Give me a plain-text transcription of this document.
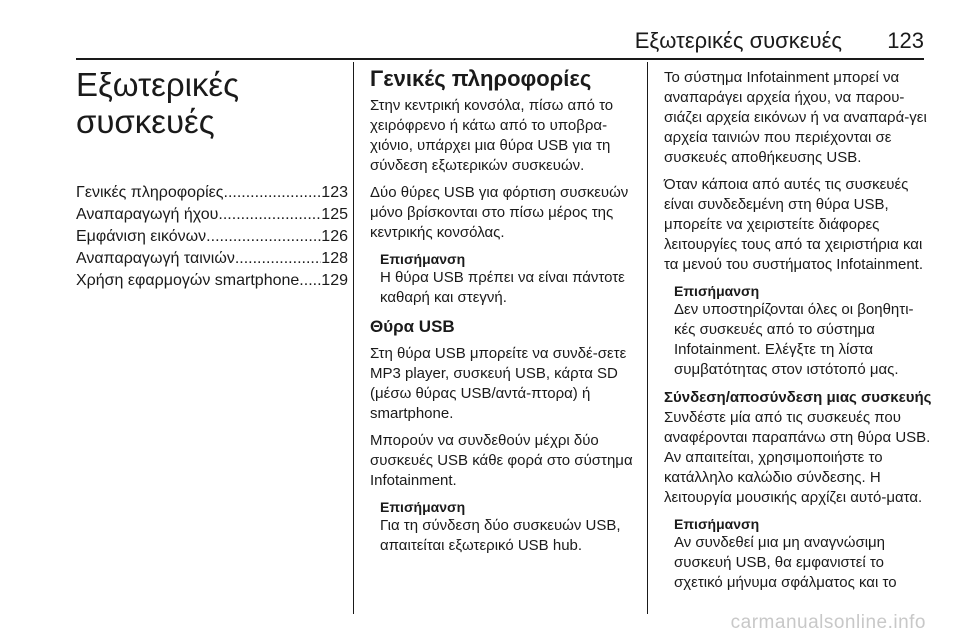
Εξωτερικές συσκευές 123
Εξωτερικές
συσκευές
Γενικές πληροφορίες .....	123
Αναπαραγωγή ήχου .....	125
Εμφάνιση εικόνων .....	126
Αναπαραγωγή ταινιών .....	128
Χρήση εφαρμογών smartphone ..... 129
Γενικές πληροφορίες

Στην κεντρική κονσόλα, πίσω από το χειρόφρενο ή κάτω από το υποβρα-χιόνιο, υπάρχει μια θύρα USB για τη σύνδεση εξωτερικών συσκευών.

Δύο θύρες USB για φόρτιση συσκευών μόνο βρίσκονται στο πίσω μέρος της κεντρικής κονσόλας.

Επισήμανση
Η θύρα USB πρέπει να είναι πάντοτε καθαρή και στεγνή.
Θύρα USB

Στη θύρα USB μπορείτε να συνδέ-σετε MP3 player, συσκευή USB, κάρτα SD (μέσω θύρας USB/αντά-πτορα) ή smartphone.

Μπορούν να συνδεθούν μέχρι δύο συσκευές USB κάθε φορά στο σύστημα Infotainment.

Επισήμανση
Για τη σύνδεση δύο συσκευών USB, απαιτείται εξωτερικό USB hub.

Το σύστημα Infotainment μπορεί να αναπαράγει αρχεία ήχου, να παρου-σιάζει αρχεία εικόνων ή να αναπαρά-γει αρχεία ταινιών που περιέχονται σε συσκευές αποθήκευσης USB.

Όταν κάποια από αυτές τις συσκευές είναι συνδεδεμένη στη θύρα USB, μπορείτε να χειριστείτε διάφορες λειτουργίες τους από τα χειριστήρια και τα μενού του συστήματος Infotainment.

Επισήμανση
Δεν υποστηρίζονται όλες οι βοηθητι-κές συσκευές από το σύστημα Infotainment. Ελέγξτε τη λίστα συμβατότητας στον ιστότοπό μας.
Σύνδεση/αποσύνδεση μιας συσκευής

Συνδέστε μία από τις συσκευές που αναφέρονται παραπάνω στη θύρα USB. Αν απαιτείται, χρησιμοποιήστε το κατάλληλο καλώδιο σύνδεσης. Η λειτουργία μουσικής αρχίζει αυτό-ματα.

Επισήμανση
Αν συνδεθεί μια μη αναγνώσιμη συσκευή USB, θα εμφανιστεί το σχετικό μήνυμα σφάλματος και το
carmanualsonline.info
